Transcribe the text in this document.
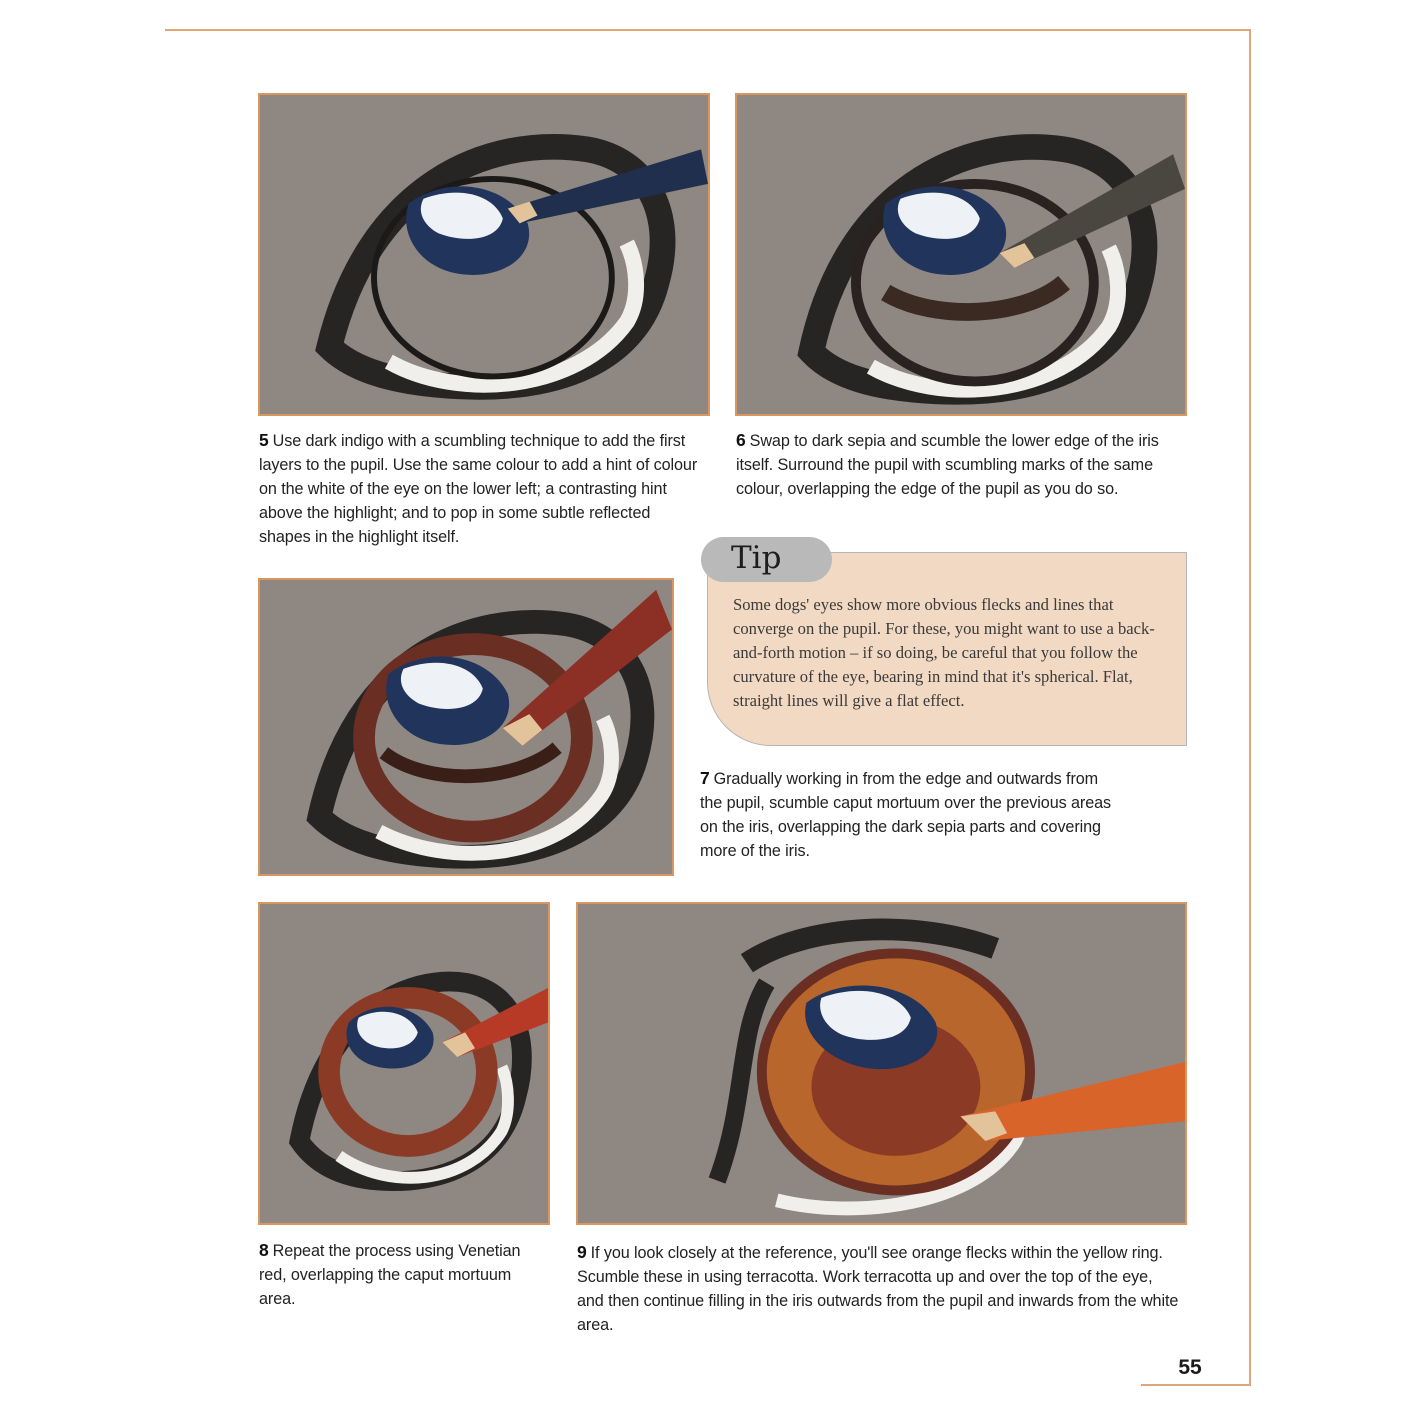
5 Use dark indigo with a scumbling technique to add the first layers to the pupil. Use the same colour to add a hint of colour on the white of the eye on the lower left; a contrasting hint above the highlight; and to pop in some subtle reflected shapes in the highlight itself.
6 Swap to dark sepia and scumble the lower edge of the iris itself. Surround the pupil with scumbling marks of the same colour, overlapping the edge of the pupil as you do so.
7 Gradually working in from the edge and outwards from the pupil, scumble caput mortuum over the previous areas on the iris, overlapping the dark sepia parts and covering more of the iris.
8 Repeat the process using Venetian red, overlapping the caput mortuum area.
9 If you look closely at the reference, you'll see orange flecks within the yellow ring. Scumble these in using terracotta. Work terracotta up and over the top of the eye, and then continue filling in the iris outwards from the pupil and inwards from the white area.
Tip
Some dogs' eyes show more obvious flecks and lines that converge on the pupil. For these, you might want to use a back-and-forth motion – if so doing, be careful that you follow the curvature of the eye, bearing in mind that it's spherical. Flat, straight lines will give a flat effect.
55
